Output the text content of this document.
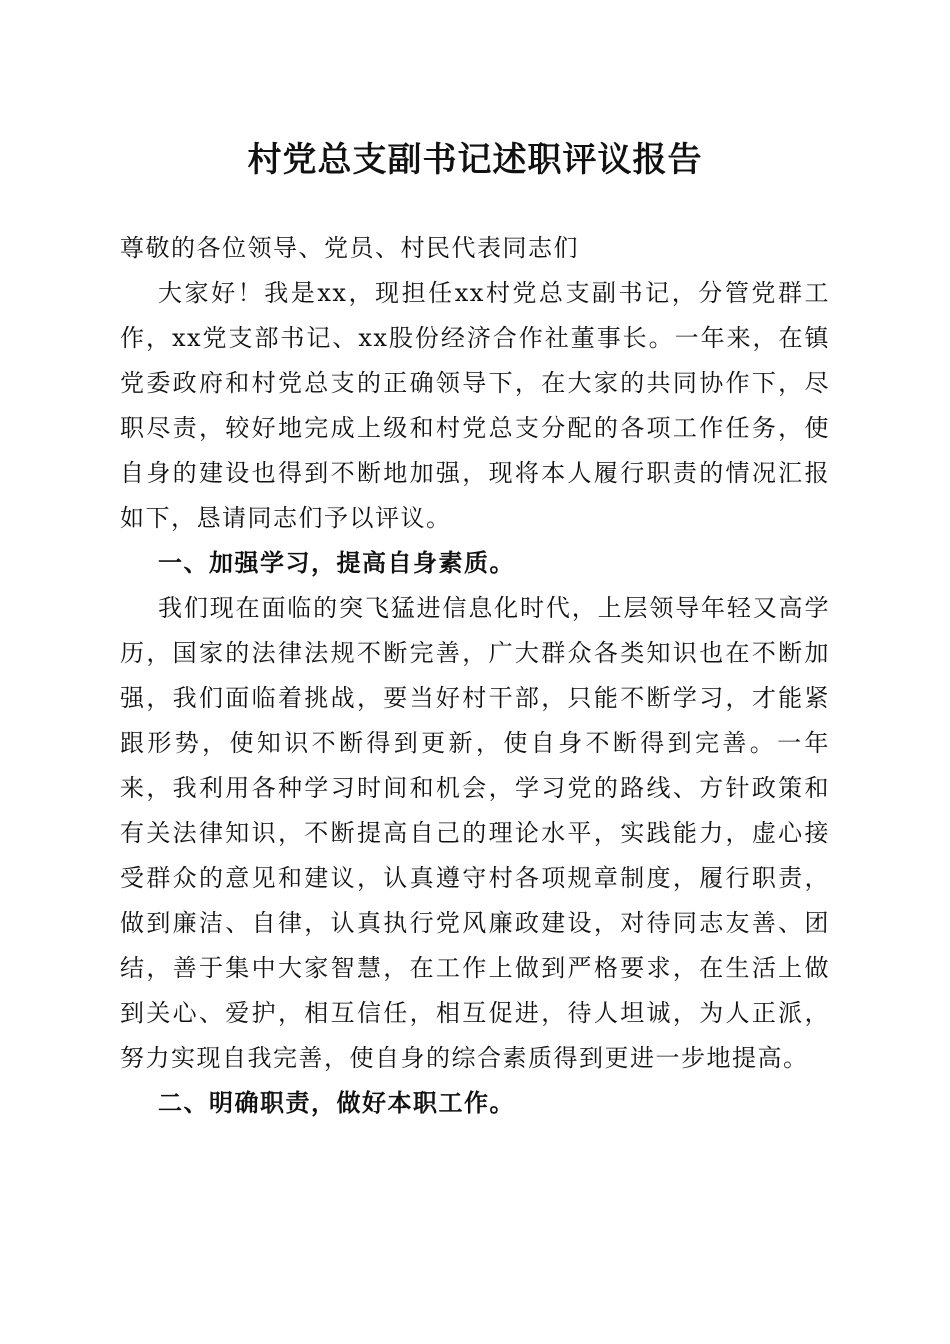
村党总支副书记述职评议报告

尊敬的各位领导、党员、村民代表同志们

大家好！我是xx，现担任xx村党总支副书记，分管党群工作，xx党支部书记、xx股份经济合作社董事长。一年来，在镇党委政府和村党总支的正确领导下，在大家的共同协作下，尽职尽责，较好地完成上级和村党总支分配的各项工作任务，使自身的建设也得到不断地加强，现将本人履行职责的情况汇报如下，恳请同志们予以评议。

一、加强学习，提高自身素质。

我们现在面临的突飞猛进信息化时代，上层领导年轻又高学历，国家的法律法规不断完善，广大群众各类知识也在不断加强，我们面临着挑战，要当好村干部，只能不断学习，才能紧跟形势，使知识不断得到更新，使自身不断得到完善。一年来，我利用各种学习时间和机会，学习党的路线、方针政策和有关法律知识，不断提高自己的理论水平，实践能力，虚心接受群众的意见和建议，认真遵守村各项规章制度，履行职责，做到廉洁、自律，认真执行党风廉政建设，对待同志友善、团结，善于集中大家智慧，在工作上做到严格要求，在生活上做到关心、爱护，相互信任，相互促进，待人坦诚，为人正派，努力实现自我完善，使自身的综合素质得到更进一步地提高。

二、明确职责，做好本职工作。
